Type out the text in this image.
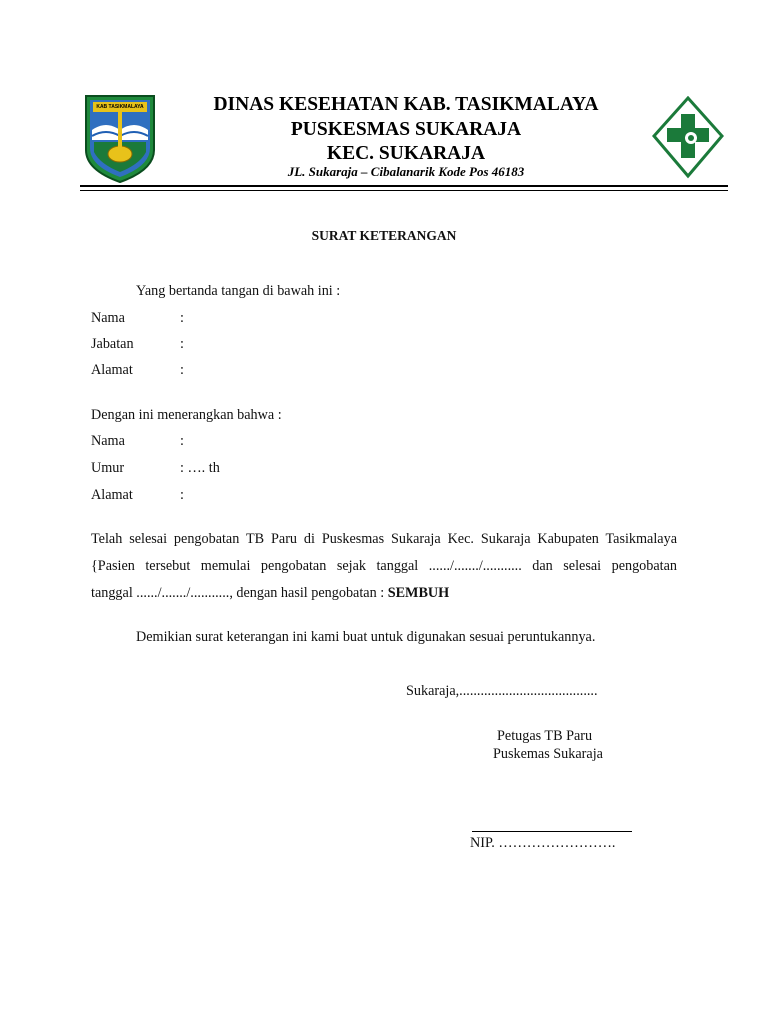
KAB TASIKMALAYA	DINAS KESEHATAN KAB. TASIKMALAYA
PUSKESMAS SUKARAJA
KEC. SUKARAJA
JL. Sukaraja – Cibalanarik Kode Pos 46183
SURAT KETERANGAN
Yang bertanda tangan di bawah ini :
Nama	:
Jabatan	:
Alamat	:
Dengan ini menerangkan bahwa :
Nama	:
Umur	: …. th
Alamat	:
Telah selesai pengobatan TB Paru di Puskesmas Sukaraja Kec. Sukaraja Kabupaten Tasikmalaya
{Pasien tersebut memulai pengobatan sejak tanggal ....../......./........... dan selesai pengobatan
tanggal ....../......./..........., dengan hasil pengobatan : SEMBUH
Demikian surat keterangan ini kami buat untuk digunakan sesuai peruntukannya.
Sukaraja,.......................................
Petugas TB Paru
Puskemas Sukaraja
NIP. …………………….
